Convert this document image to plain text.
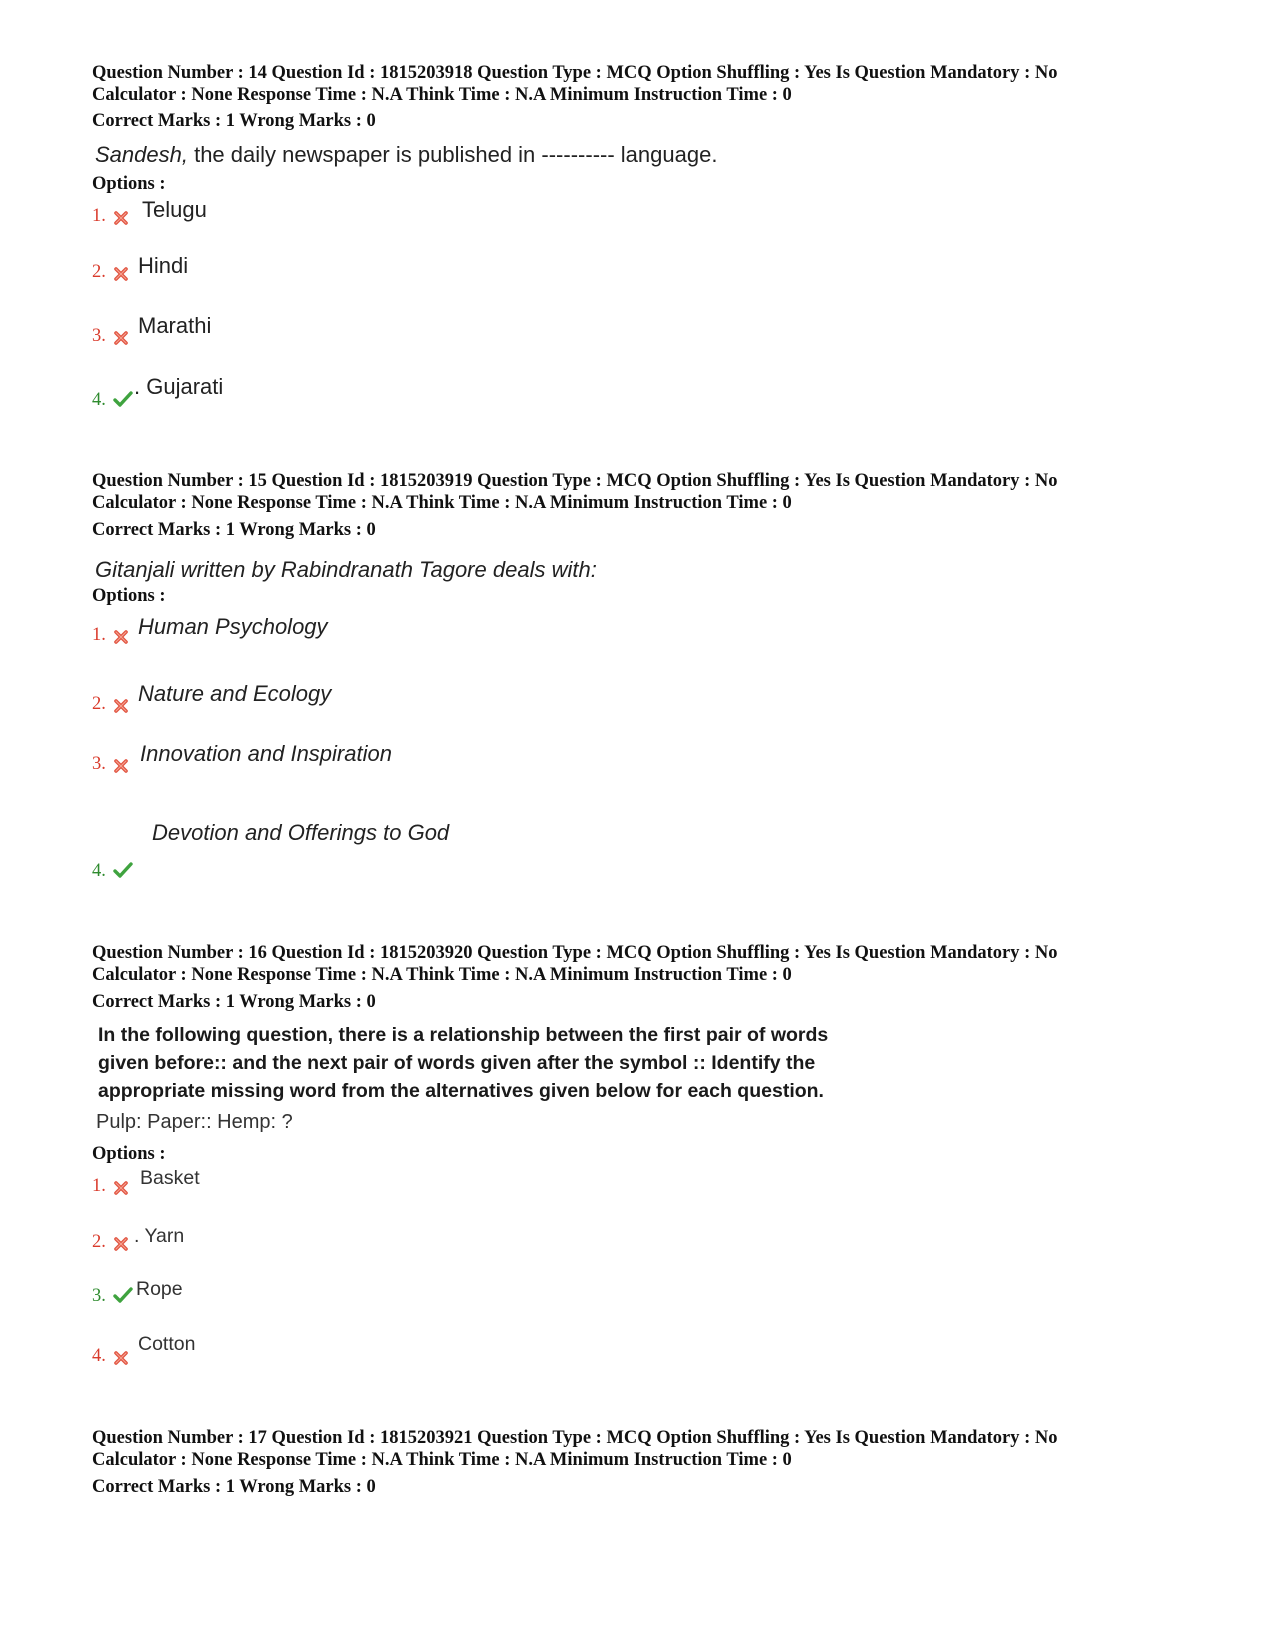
Question Number : 14 Question Id : 1815203918 Question Type : MCQ Option Shuffling : Yes Is Question Mandatory : No
Calculator : None Response Time : N.A Think Time : N.A Minimum Instruction Time : 0
Correct Marks : 1 Wrong Marks : 0
Sandesh, the daily newspaper is published in ---------- language.
Options :
1. Telugu
2. Hindi
3. Marathi
4.
. Gujarati
Question Number : 15 Question Id : 1815203919 Question Type : MCQ Option Shuffling : Yes Is Question Mandatory : No
Calculator : None Response Time : N.A Think Time : N.A Minimum Instruction Time : 0
Correct Marks : 1 Wrong Marks : 0
Gitanjali written by Rabindranath Tagore deals with:
Options :
1. Human Psychology
2. Nature and Ecology
3. Innovation and Inspiration
Devotion and Offerings to God
4.
Question Number : 16 Question Id : 1815203920 Question Type : MCQ Option Shuffling : Yes Is Question Mandatory : No
Calculator : None Response Time : N.A Think Time : N.A Minimum Instruction Time : 0
Correct Marks : 1 Wrong Marks : 0
In the following question, there is a relationship between the first pair of words
given before:: and the next pair of words given after the symbol :: Identify the
appropriate missing word from the alternatives given below for each question.
Pulp: Paper:: Hemp: ?
Options :
1. Basket
2. . Yarn
3. Rope
4.
Cotton
Question Number : 17 Question Id : 1815203921 Question Type : MCQ Option Shuffling : Yes Is Question Mandatory : No
Calculator : None Response Time : N.A Think Time : N.A Minimum Instruction Time : 0
Correct Marks : 1 Wrong Marks : 0
